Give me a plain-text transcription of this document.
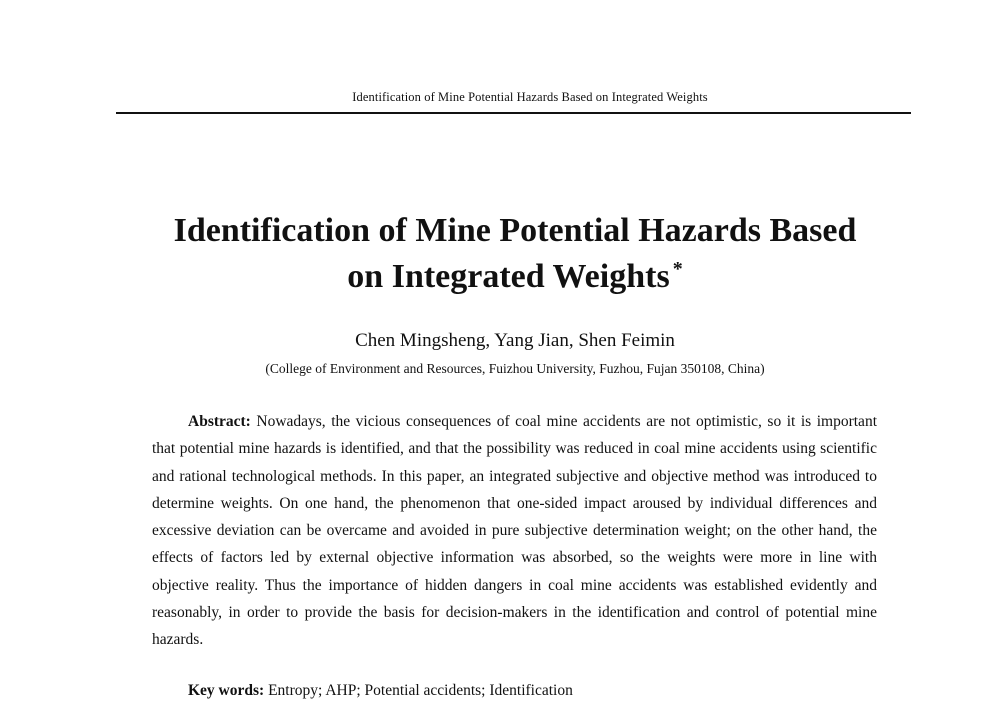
Identification of Mine Potential Hazards Based on Integrated Weights
Identification of Mine Potential Hazards Based
on Integrated Weights *
Chen Mingsheng, Yang Jian, Shen Feimin
(College of Environment and Resources, Fuizhou University, Fuzhou, Fujan 350108, China)

Abstract: Nowadays, the vicious consequences of coal mine accidents are not optimistic, so it is important that potential mine hazards is identified, and that the possibility was reduced in coal mine accidents using scientific and rational technological methods. In this paper, an integrated subjective and objective method was introduced to determine weights. On one hand, the phenomenon that one-sided impact aroused by individual differences and excessive deviation can be overcame and avoided in pure subjective determination weight; on the other hand, the effects of factors led by external objective information was absorbed, so the weights were more in line with objective reality. Thus the importance of hidden dangers in coal mine accidents was established evidently and reasonably, in order to provide the basis for decision-makers in the identification and control of potential mine hazards.

Key words: Entropy; AHP; Potential accidents; Identification
